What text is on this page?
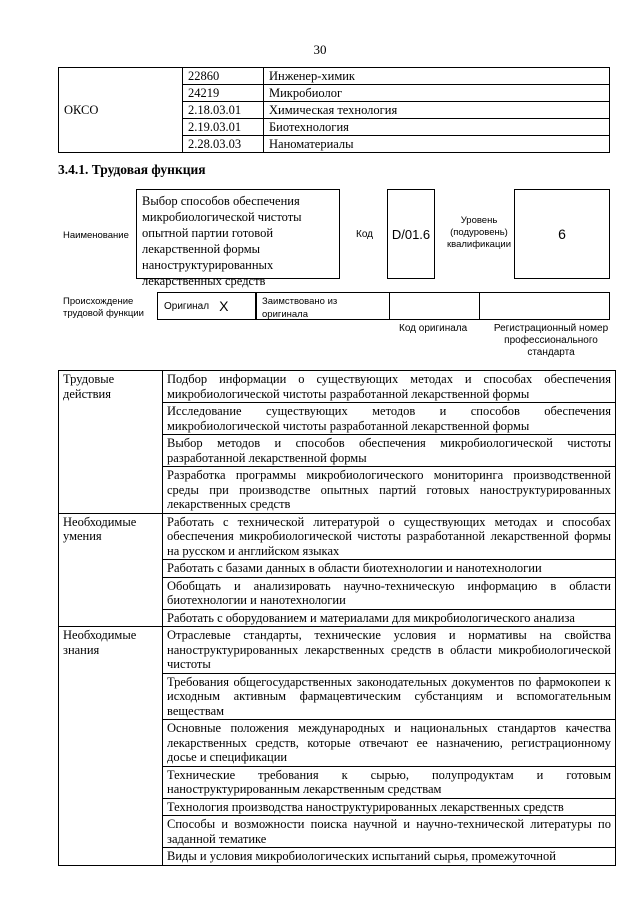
30
	22860	Инженер-химик
	24219	Микробиолог
ОКСО	2.18.03.01	Химическая технология
	2.19.03.01	Биотехнология
	2.28.03.03	Наноматериалы
3.4.1. Трудовая функция
Наименование
Выбор способов обеспечения микробиологической чистоты опытной партии готовой лекарственной формы наноструктурированных лекарственных средств
Код	D/01.6
Уровень (подуровень) квалификации
6
Происхождение трудовой функции
Оригинал X	Заимствовано из оригинала
Код оригинала	Регистрационный номер профессионального стандарта
Трудовые действия	Подбор информации о существующих методах и способах обеспечения микробиологической чистоты разработанной лекарственной формы
	Исследование существующих методов и способов обеспечения микробиологической чистоты разработанной лекарственной формы
	Выбор методов и способов обеспечения микробиологической чистоты разработанной лекарственной формы
	Разработка программы микробиологического мониторинга производственной среды при производстве опытных партий готовых наноструктурированных лекарственных средств
Необходимые умения	Работать с технической литературой о существующих методах и способах обеспечения микробиологической чистоты разработанной лекарственной формы на русском и английском языках
	Работать с базами данных в области биотехнологии и нанотехнологии
	Обобщать и анализировать научно-техническую информацию в области биотехнологии и нанотехнологии
	Работать с оборудованием и материалами для микробиологического анализа
Необходимые знания	Отраслевые стандарты, технические условия и нормативы на свойства наноструктурированных лекарственных средств в области микробиологической чистоты
	Требования общегосударственных законодательных документов по фармокопеи к исходным активным фармацевтическим субстанциям и вспомогательным веществам
	Основные положения международных и национальных стандартов качества лекарственных средств, которые отвечают ее назначению, регистрационному досье и спецификации
	Технические требования к сырью, полупродуктам и готовым наноструктурированным лекарственным средствам
	Технология производства наноструктурированных лекарственных средств
	Способы и возможности поиска научной и научно-технической литературы по заданной тематике
	Виды и условия микробиологических испытаний сырья, промежуточной
